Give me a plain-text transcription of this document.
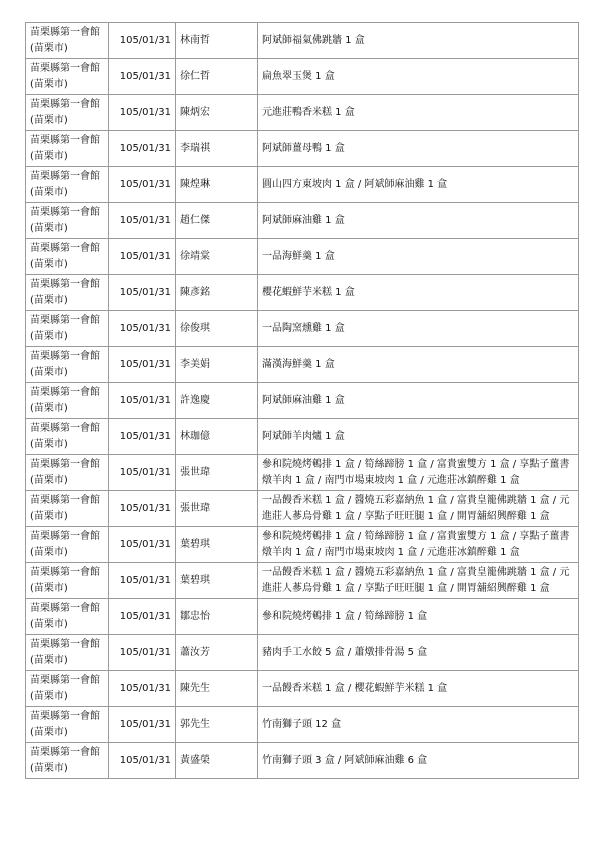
苗栗縣第一會館
(苗栗市)	105/01/31	林南哲	阿斌師福氣佛跳牆 1 盒

苗栗縣第一會館
(苗栗市)	105/01/31	徐仁哲	扁魚翠玉煲 1 盒

苗栗縣第一會館
(苗栗市)	105/01/31	陳炳宏	元進莊鴨香米糕 1 盒

苗栗縣第一會館
(苗栗市)	105/01/31	李瑞祺	阿斌師薑母鴨 1 盒

苗栗縣第一會館
(苗栗市)	105/01/31	陳煌琳	圓山四方東坡肉 1 盒 / 阿斌師麻油雞 1 盒

苗栗縣第一會館
(苗栗市)	105/01/31	趙仁傑	阿斌師麻油雞 1 盒

苗栗縣第一會館
(苗栗市)	105/01/31	徐靖棠	一品海鮮羹 1 盒

苗栗縣第一會館
(苗栗市)	105/01/31	陳彥銘	櫻花蝦鮮芋米糕 1 盒

苗栗縣第一會館
(苗栗市)	105/01/31	徐俊琪	一品陶窯燻雞 1 盒

苗栗縣第一會館
(苗栗市)	105/01/31	李美娟	滿漢海鮮羹 1 盒

苗栗縣第一會館
(苗栗市)	105/01/31	許逸慶	阿斌師麻油雞 1 盒

苗栗縣第一會館
(苗栗市)	105/01/31	林珈億	阿斌師羊肉爐 1 盒

苗栗縣第一會館
(苗栗市)	105/01/31	張世瑋	參和院燒烤鵪排 1 盒 / 筍絲蹄膀 1 盒 / 富貴蜜雙方 1 盒 / 享點子薑書燉羊肉 1 盒 / 南門市場東坡肉 1 盒 / 元進莊冰鎮醉雞 1 盒

苗栗縣第一會館
(苗栗市)	105/01/31	張世瑋	一品饅香米糕 1 盒 / 醬燒五彩嘉納魚 1 盒 / 富貴皇籠佛跳牆 1 盒 / 元進莊人蔘烏骨雞 1 盒 / 享點子旺旺腿 1 盒 / 開胃舖紹興醉雞 1 盒

苗栗縣第一會館
(苗栗市)	105/01/31	葉碧琪	參和院燒烤鵪排 1 盒 / 筍絲蹄膀 1 盒 / 富貴蜜雙方 1 盒 / 享點子薑書燉羊肉 1 盒 / 南門市場東坡肉 1 盒 / 元進莊冰鎮醉雞 1 盒

苗栗縣第一會館
(苗栗市)	105/01/31	葉碧琪	一品饅香米糕 1 盒 / 醬燒五彩嘉納魚 1 盒 / 富貴皇籠佛跳牆 1 盒 / 元進莊人蔘烏骨雞 1 盒 / 享點子旺旺腿 1 盒 / 開胃舖紹興醉雞 1 盒

苗栗縣第一會館
(苗栗市)	105/01/31	鄒忠怡	參和院燒烤鵪排 1 盒 / 筍絲蹄膀 1 盒

苗栗縣第一會館
(苗栗市)	105/01/31	蕭汝芳	豬肉手工水餃 5 盒 / 蕭燉排骨湯 5 盒

苗栗縣第一會館
(苗栗市)	105/01/31	陳先生	一品饅香米糕 1 盒 / 櫻花蝦鮮芋米糕 1 盒

苗栗縣第一會館
(苗栗市)	105/01/31	郭先生	竹南獅子頭 12 盒

苗栗縣第一會館
(苗栗市)	105/01/31	黃盛榮	竹南獅子頭 3 盒 / 阿斌師麻油雞 6 盒
